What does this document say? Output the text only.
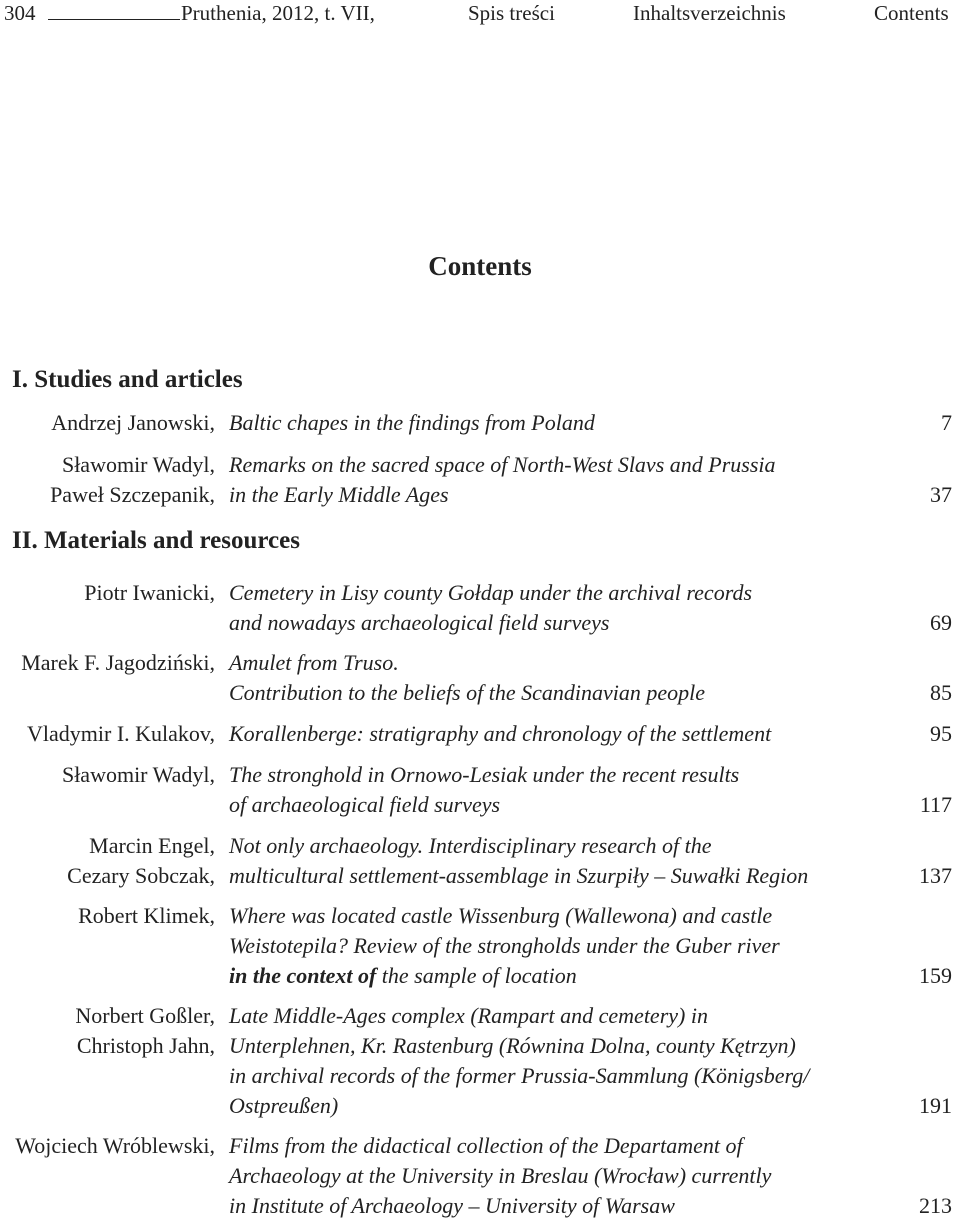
304	Pruthenia, 2012, t. VII,	Spis treści	Inhaltsverzeichnis	Contents
Contents
I. Studies and articles
Andrzej Janowski, Baltic chapes in the findings from Poland	7
Sławomir Wadyl, Remarks on the sacred space of North-West Slavs and Prussia
Paweł Szczepanik, in the Early Middle Ages	37
II. Materials and resources
Piotr Iwanicki, Cemetery in Lisy county Gołdap under the archival records
and nowadays archaeological field surveys	69
Marek F. Jagodziński, Amulet from Truso.
Contribution to the beliefs of the Scandinavian people	85
Vladymir I. Kulakov, Korallenberge: stratigraphy and chronology of the settlement	95
Sławomir Wadyl, The stronghold in Ornowo-Lesiak under the recent results
of archaeological field surveys	117
Marcin Engel, Not only archaeology. Interdisciplinary research of the
Cezary Sobczak, multicultural settlement-assemblage in Szurpiły – Suwałki Region	137
Robert Klimek, Where was located castle Wissenburg (Wallewona) and castle
Weistotepila? Review of the strongholds under the Guber river
in the context of the sample of location	159
Norbert Goßler, Late Middle-Ages complex (Rampart and cemetery) in
Christoph Jahn, Unterplehnen, Kr. Rastenburg (Równina Dolna, county Kętrzyn)
in archival records of the former Prussia-Sammlung (Königsberg/
Ostpreußen)	191
Wojciech Wróblewski, Films from the didactical collection of the Departament of
Archaeology at the University in Breslau (Wrocław) currently
in Institute of Archaeology – University of Warsaw	213
